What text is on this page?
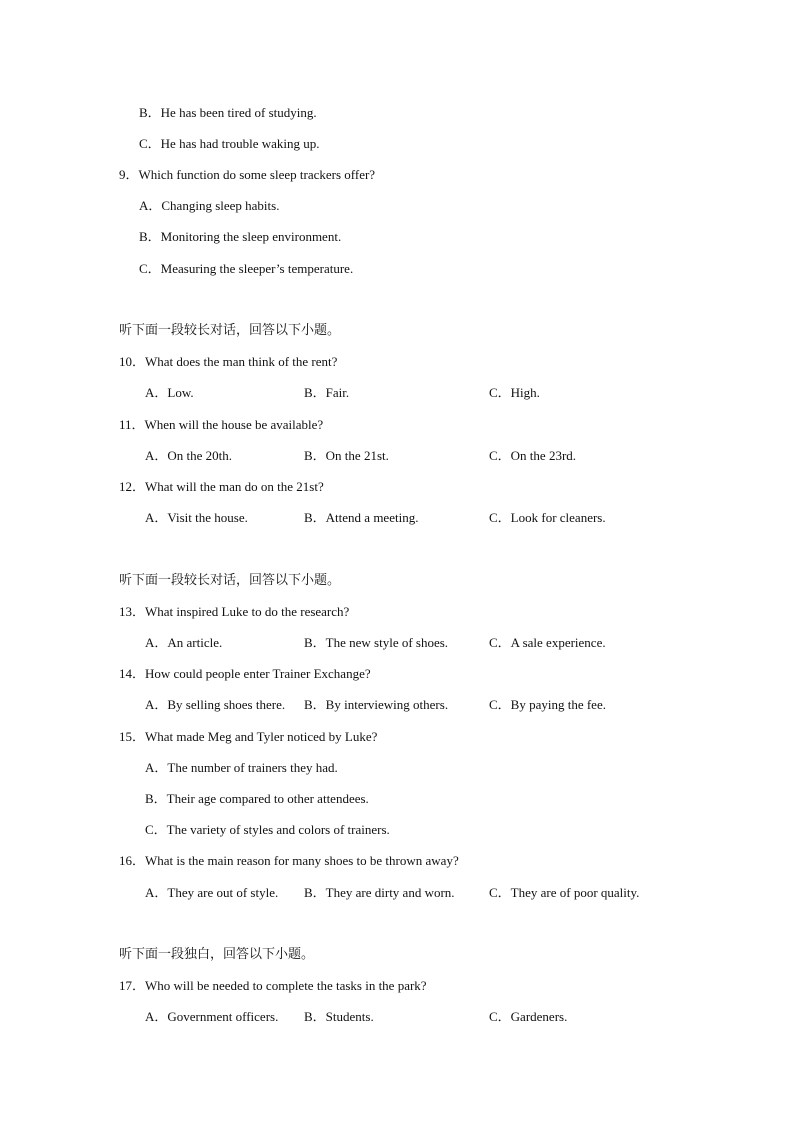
B．He has been tired of studying.
C．He has had trouble waking up.
9．Which function do some sleep trackers offer?
A．Changing sleep habits.
B．Monitoring the sleep environment.
C．Measuring the sleeper’s temperature.
听下面一段较长对话，回答以下小题。
10．What does the man think of the rent?
A．Low.	B．Fair.	C．High.
11．When will the house be available?
A．On the 20th.	B．On the 21st.	C．On the 23rd.
12．What will the man do on the 21st?
A．Visit the house.	B．Attend a meeting.	C．Look for cleaners.
听下面一段较长对话，回答以下小题。
13．What inspired Luke to do the research?
A．An article.	B．The new style of shoes.	C．A sale experience.
14．How could people enter Trainer Exchange?
A．By selling shoes there. B．By interviewing others.	C．By paying the fee.
15．What made Meg and Tyler noticed by Luke?
A．The number of trainers they had.
B．Their age compared to other attendees.
C．The variety of styles and colors of trainers.
16．What is the main reason for many shoes to be thrown away?
A．They are out of style. B．They are dirty and worn.	C．They are of poor quality.
听下面一段独白，回答以下小题。
17．Who will be needed to complete the tasks in the park?
A．Government officers. B．Students.	C．Gardeners.
